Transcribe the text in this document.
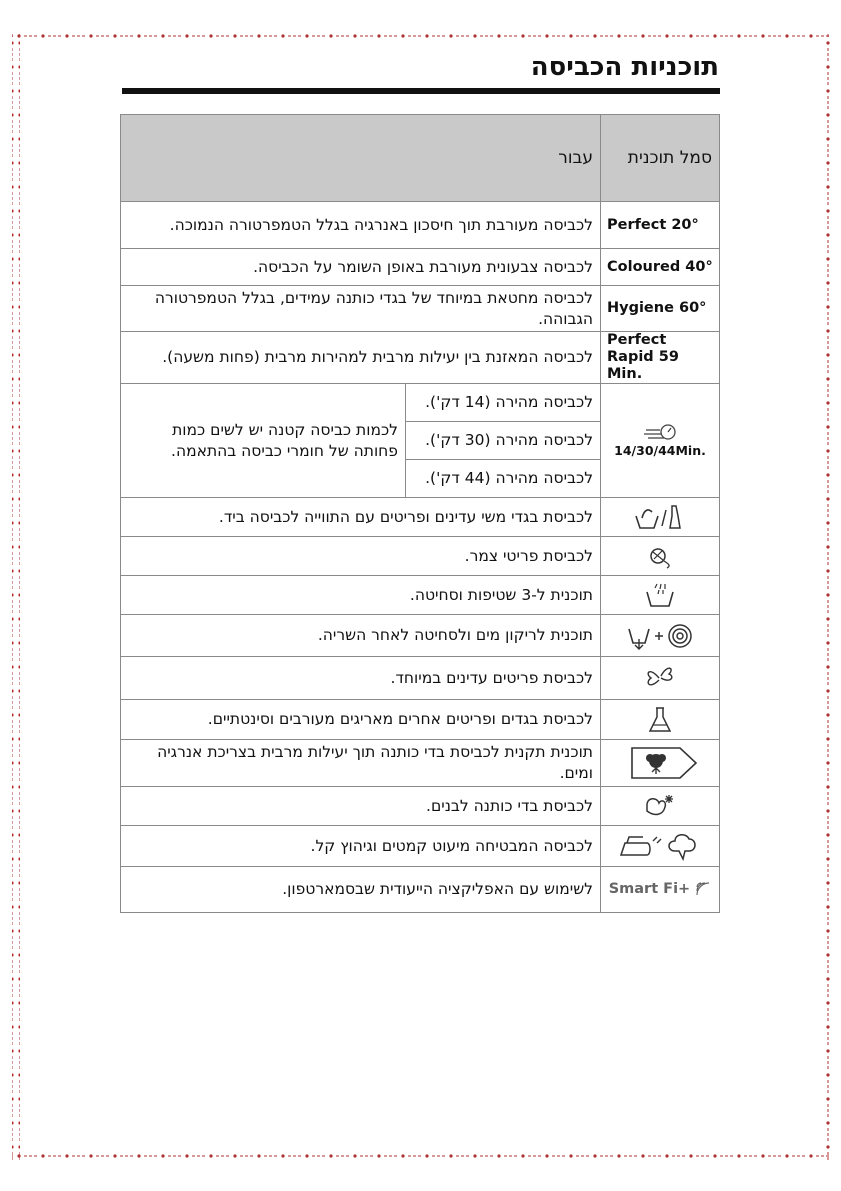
תוכניות הכביסה
סמל תוכנית	עבור	
Perfect 20°	לכביסה מעורבת תוך חיסכון באנרגיה בגלל הטמפרטורה הנמוכה.	
Coloured 40°	לכביסה צבעונית מעורבת באופן השומר על הכביסה.	
Hygiene 60°	לכביסה מחטאת במיוחד של בגדי כותנה עמידים, בגלל הטמפרטורה הגבוהה.	
Perfect Rapid 59 Min.	לכביסה המאזנת בין יעילות מרבית למהירות מרבית (פחות משעה).	

14/30/44Min.	לכביסה מהירה (14 דק').	לכמות כביסה קטנה יש לשים כמות פחותה של חומרי כביסה בהתאמה.
	לכביסה מהירה (30 דק').	
	לכביסה מהירה (44 דק').	
	לכביסת בגדי משי עדינים ופריטים עם התווייה לכביסה ביד.	
	לכביסת פריטי צמר.	
	תוכנית ל-3 שטיפות וסחיטה.	
	תוכנית לריקון מים ולסחיטה לאחר השריה.	
	לכביסת פריטים עדינים במיוחד.	
	לכביסת בגדים ופריטים אחרים מאריגים מעורבים וסינטתיים.	
	תוכנית תקנית לכביסת בדי כותנה תוך יעילות מרבית בצריכת אנרגיה ומים.	
	לכביסת בדי כותנה לבנים.	
	לכביסה המבטיחה מיעוט קמטים וגיהוץ קל.	
Smart Fi+	לשימוש עם האפליקציה הייעודית שבסמארטפון.	
